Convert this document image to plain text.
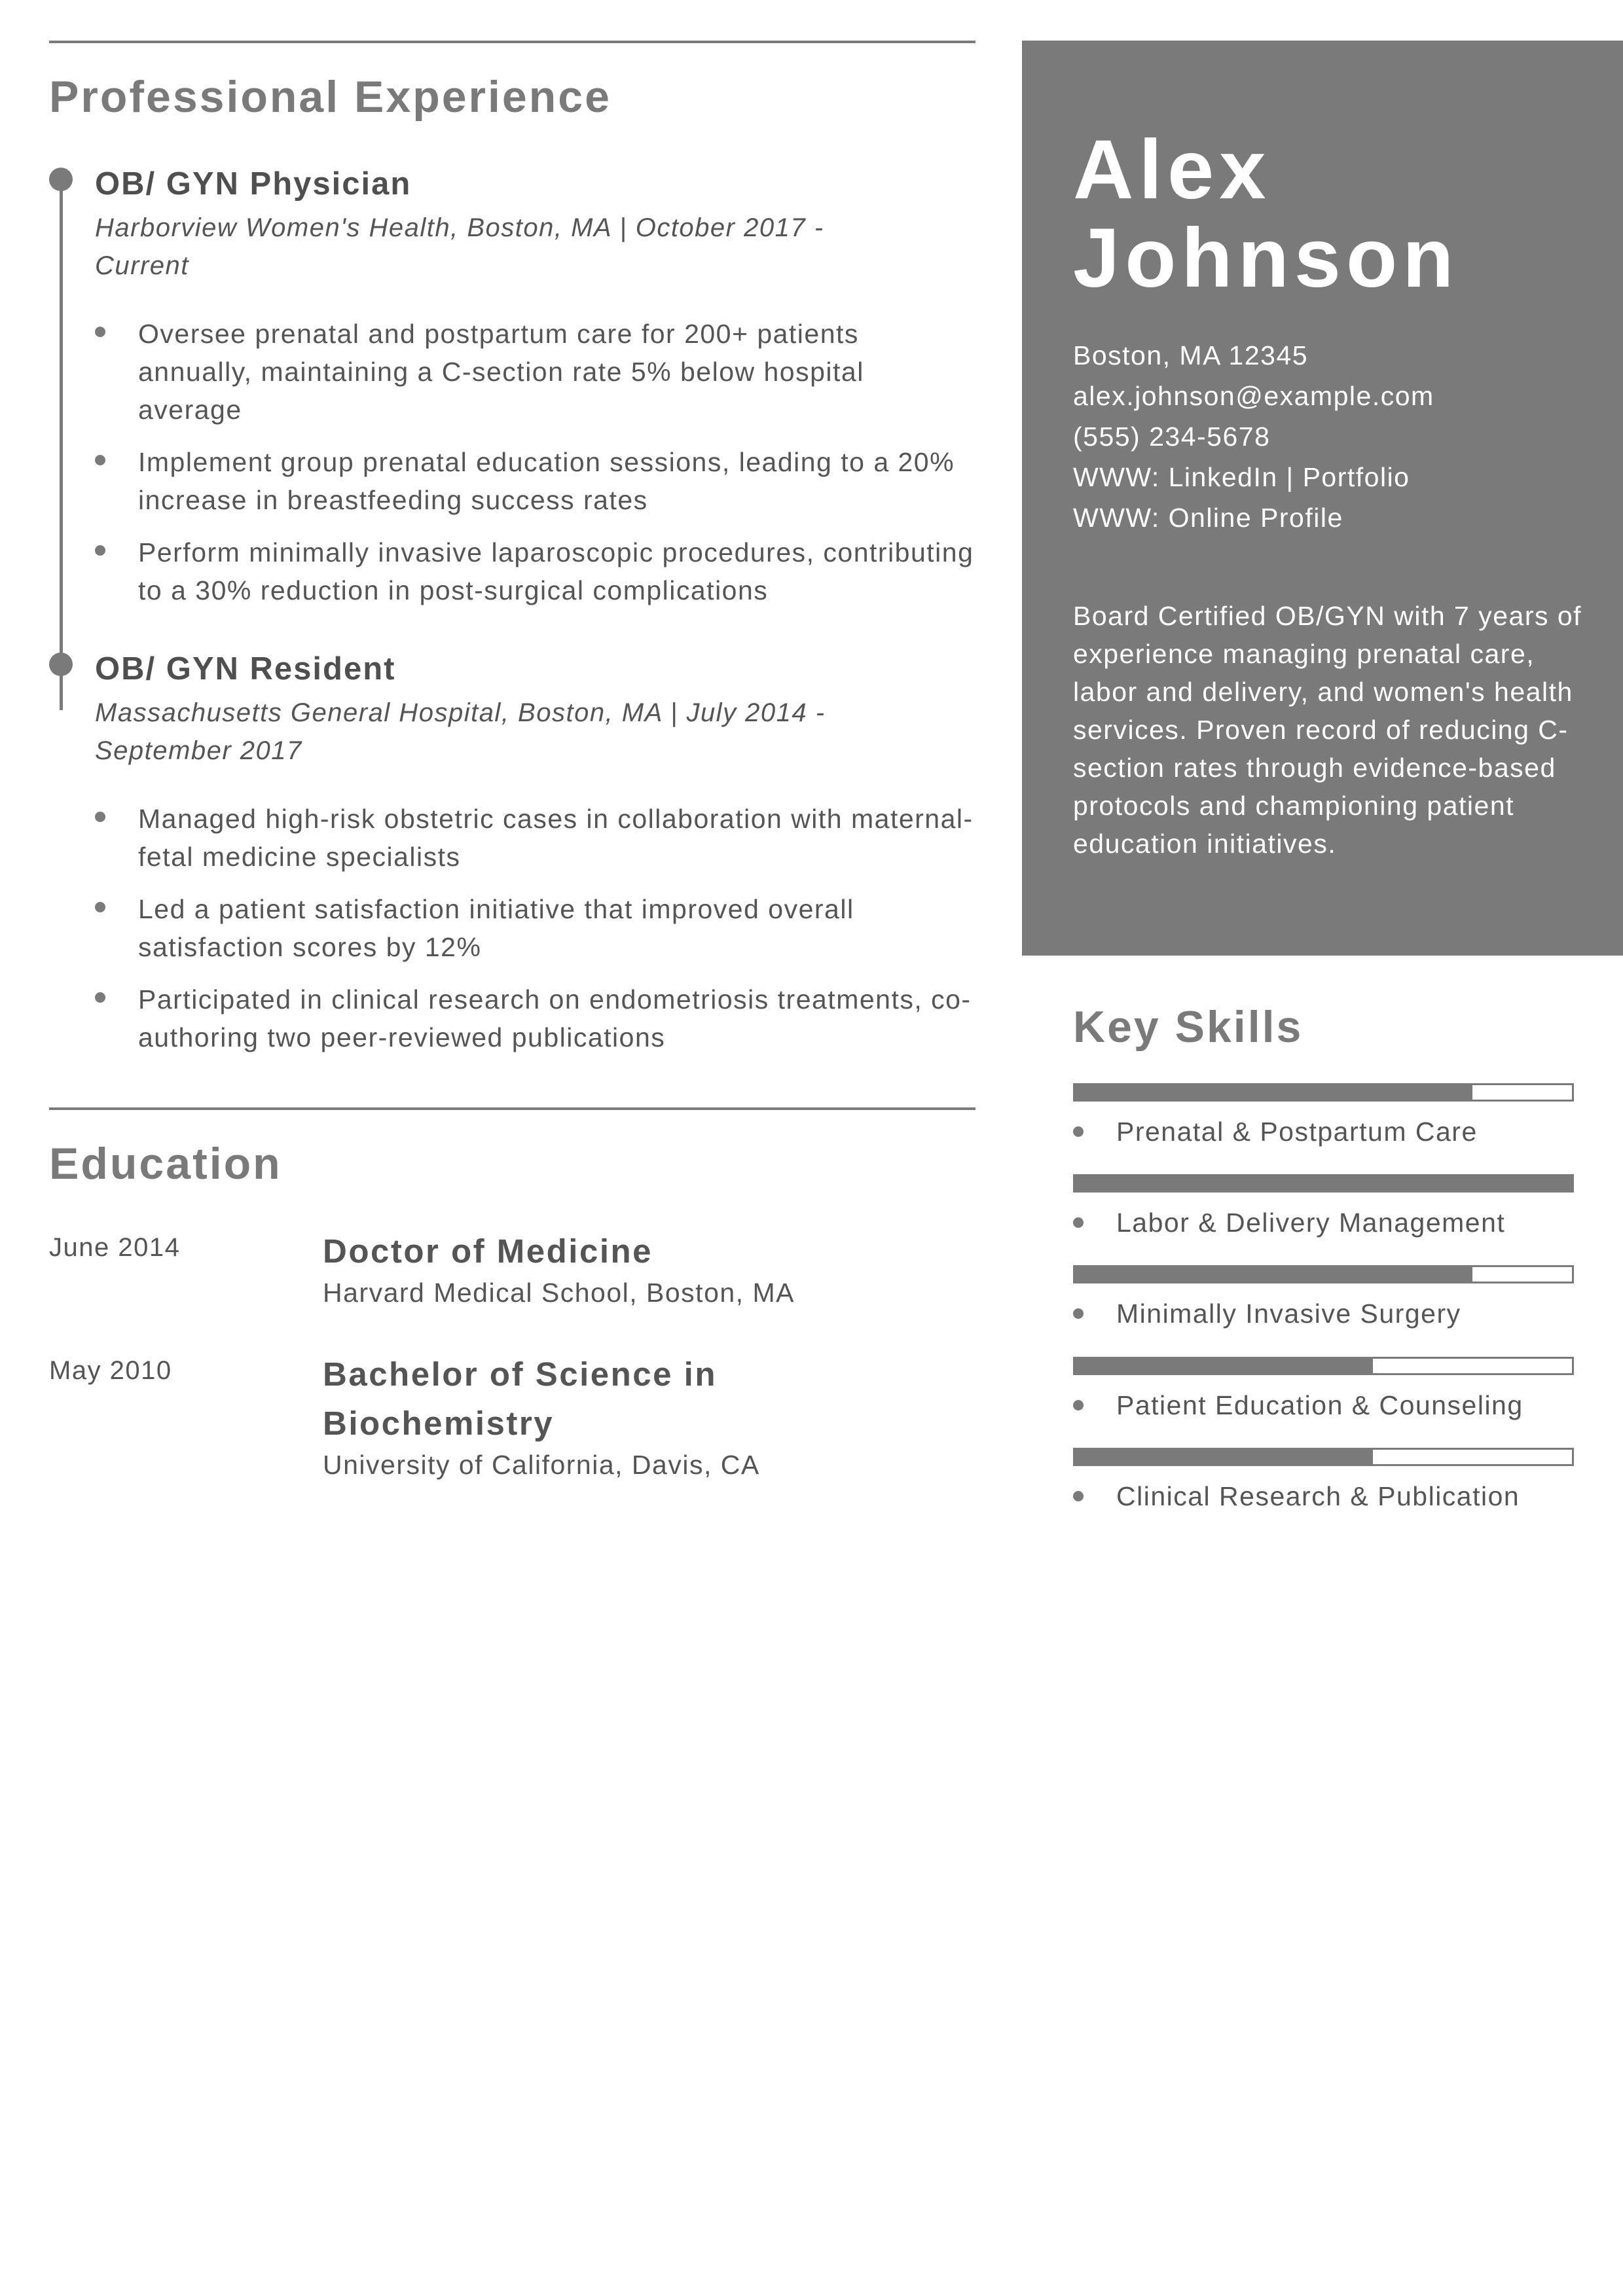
Professional Experience
OB/ GYN Physician
Harborview Women's Health, Boston, MA | October 2017 -
Current
Oversee prenatal and postpartum care for 200+ patients annually, maintaining a C-section rate 5% below hospital average
Implement group prenatal education sessions, leading to a 20% increase in breastfeeding success rates
Perform minimally invasive laparoscopic procedures, contributing to a 30% reduction in post-surgical complications
OB/ GYN Resident
Massachusetts General Hospital, Boston, MA | July 2014 -
September 2017
Managed high-risk obstetric cases in collaboration with maternal-fetal medicine specialists
Led a patient satisfaction initiative that improved overall satisfaction scores by 12%
Participated in clinical research on endometriosis treatments, co-authoring two peer-reviewed publications
Education
June 2014	Doctor of Medicine
Harvard Medical School, Boston, MA
May 2010	Bachelor of Science in Biochemistry
University of California, Davis, CA
Alex
Johnson
Boston, MA 12345
alex.johnson@example.com
(555) 234-5678
WWW: LinkedIn | Portfolio
WWW: Online Profile
Board Certified OB/GYN with 7 years of experience managing prenatal care, labor and delivery, and women's health services. Proven record of reducing C-section rates through evidence-based protocols and championing patient education initiatives.
Key Skills
Prenatal & Postpartum Care
Labor & Delivery Management
Minimally Invasive Surgery
Patient Education & Counseling
Clinical Research & Publication
